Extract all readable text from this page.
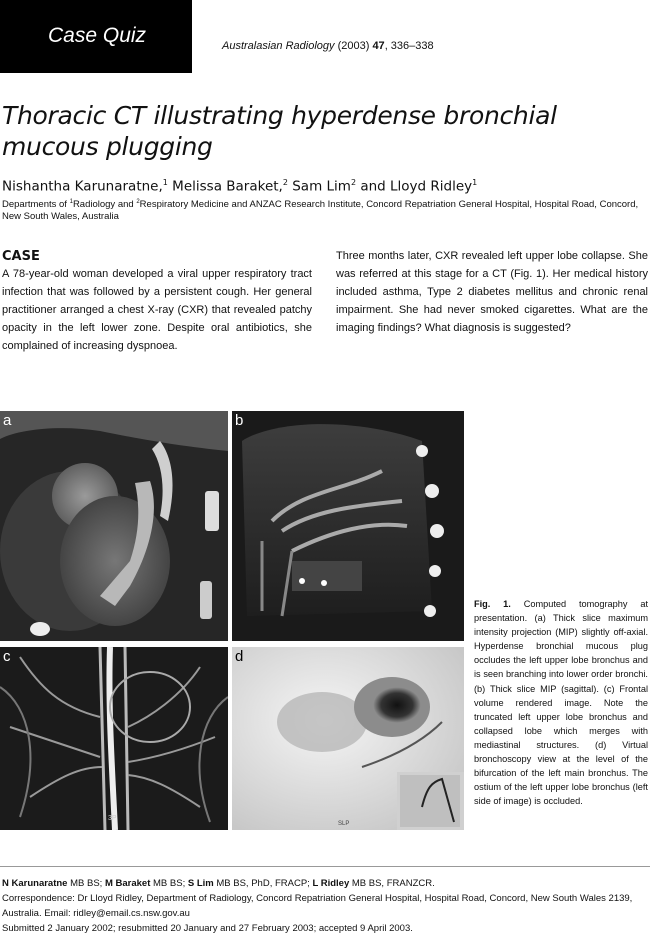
Case Quiz	Australasian Radiology (2003) 47, 336–338
Thoracic CT illustrating hyperdense bronchial mucous plugging
Nishantha Karunaratne,$^1$ Melissa Baraket,$^2$ Sam Lim$^2$ and Lloyd Ridley$^1$
Departments of $^1$Radiology and $^2$Respiratory Medicine and ANZAC Research Institute, Concord Repatriation General Hospital, Hospital Road, Concord, New South Wales, Australia
CASE
A 78-year-old woman developed a viral upper respiratory tract infection that was followed by a persistent cough. Her general practitioner arranged a chest X-ray (CXR) that revealed patchy opacity in the left lower zone. Despite oral antibiotics, she complained of increasing dyspnoea.
Three months later, CXR revealed left upper lobe collapse. She was referred at this stage for a CT (Fig. 1). Her medical history included asthma, Type 2 diabetes mellitus and chronic renal impairment. She had never smoked cigarettes. What are the imaging findings? What diagnosis is suggested?
a	b
c
3P
d
SLP
Fig. 1. Computed tomography at presentation. (a) Thick slice maximum intensity projection (MIP) slightly off-axial. Hyperdense bronchial mucous plug occludes the left upper lobe bronchus and is seen branching into lower order bronchi. (b) Thick slice MIP (sagittal). (c) Frontal volume rendered image. Note the truncated left upper lobe bronchus and collapsed lobe which merges with mediastinal structures. (d) Virtual bronchoscopy view at the level of the bifurcation of the left main bronchus. The ostium of the left upper lobe bronchus (left side of image) is occluded.
N Karunaratne MB BS; M Baraket MB BS; S Lim MB BS, PhD, FRACP; L Ridley MB BS, FRANZCR.
Correspondence: Dr Lloyd Ridley, Department of Radiology, Concord Repatriation General Hospital, Hospital Road, Concord, New South Wales 2139, Australia. Email: ridley@email.cs.nsw.gov.au
Submitted 2 January 2002; resubmitted 20 January and 27 February 2003; accepted 9 April 2003.
